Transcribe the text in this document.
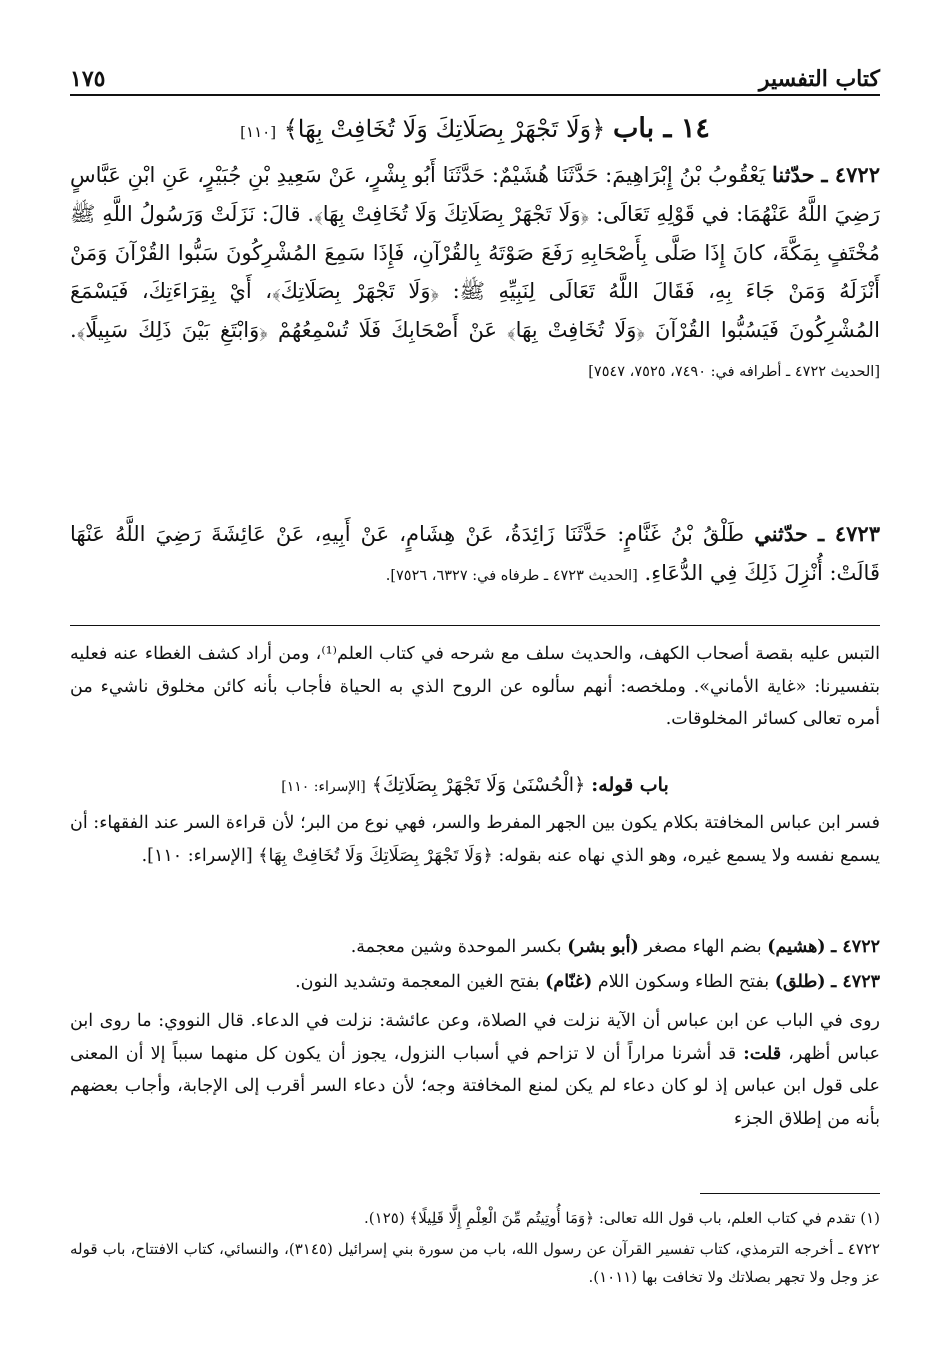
كتاب التفسير
١٧٥
١٤ ـ باب ﴿وَلَا تَجْهَرْ بِصَلَاتِكَ وَلَا تُخَافِتْ بِهَا﴾ [١١٠]
٤٧٢٢ ـ حدّثنا يَعْقُوبُ بْنُ إِبْرَاهِيمَ: حَدَّثَنَا هُشَيْمٌ: حَدَّثَنَا أَبُو بِشْرٍ، عَنْ سَعِيدِ بْنِ جُبَيْرٍ، عَنِ ابْنِ عَبَّاسٍ رَضِيَ اللَّهُ عَنْهُمَا: في قَوْلِهِ تَعَالَى: ﴿وَلَا تَجْهَرْ بِصَلَاتِكَ وَلَا تُخَافِتْ بِهَا﴾. قالَ: نَزَلَتْ وَرَسُولُ اللَّهِ ﷺ مُخْتَفٍ بِمَكَّةَ، كانَ إِذَا صَلَّى بِأَصْحَابِهِ رَفَعَ صَوْتَهُ بِالقُرْآنِ، فَإِذَا سَمِعَ المُشْرِكُونَ سَبُّوا القُرْآنَ وَمَنْ أَنْزَلَهُ وَمَنْ جَاءَ بِهِ، فَقَالَ اللَّهُ تَعَالَى لِنَبِيِّهِ ﷺ: ﴿وَلَا تَجْهَرْ بِصَلَاتِكَ﴾، أَيْ بِقِرَاءَتِكَ، فَيَسْمَعَ المُشْرِكُونَ فَيَسُبُّوا القُرْآنَ ﴿وَلَا تُخَافِتْ بِهَا﴾ عَنْ أَصْحَابِكَ فَلَا تُسْمِعُهُمْ ﴿وَابْتَغِ بَيْنَ ذَلِكَ سَبِيلًا﴾. [الحديث ٤٧٢٢ ـ أطرافه في: ٧٤٩٠، ٧٥٢٥، ٧٥٤٧]
٤٧٢٣ ـ حدّثني طَلْقُ بْنُ غَنَّامٍ: حَدَّثَنَا زَائِدَةُ، عَنْ هِشَامٍ، عَنْ أَبِيهِ، عَنْ عَائِشَةَ رَضِيَ اللَّهُ عَنْهَا قَالَتْ: أُنْزِلَ ذَلِكَ فِي الدُّعَاءِ. [الحديث ٤٧٢٣ ـ طرفاه في: ٦٣٢٧، ٧٥٢٦].
التبس عليه بقصة أصحاب الكهف، والحديث سلف مع شرحه في كتاب العلم⁽¹⁾، ومن أراد كشف الغطاء عنه فعليه بتفسيرنا: «غاية الأماني». وملخصه: أنهم سألوه عن الروح الذي به الحياة فأجاب بأنه كائن مخلوق ناشيء من أمره تعالى كسائر المخلوقات.
باب قوله: ﴿الْحُسْنَىٰ وَلَا تَجْهَرْ بِصَلَاتِكَ﴾ [الإسراء: ١١٠]
فسر ابن عباس المخافتة بكلام يكون بين الجهر المفرط والسر، فهي نوع من البر؛ لأن قراءة السر عند الفقهاء: أن يسمع نفسه ولا يسمع غيره، وهو الذي نهاه عنه بقوله: ﴿وَلَا تَجْهَرْ بِصَلَاتِكَ وَلَا تُخَافِتْ بِهَا﴾ [الإسراء: ١١٠].
٤٧٢٢ ـ (هشيم) بضم الهاء مصغر (أبو بشر) بكسر الموحدة وشين معجمة.
٤٧٢٣ ـ (طلق) بفتح الطاء وسكون اللام (غنّام) بفتح الغين المعجمة وتشديد النون.
روى في الباب عن ابن عباس أن الآية نزلت في الصلاة، وعن عائشة: نزلت في الدعاء. قال النووي: ما روى ابن عباس أظهر، قلت: قد أشرنا مراراً أن لا تزاحم في أسباب النزول، يجوز أن يكون كل منهما سبباً إلا أن المعنى على قول ابن عباس إذ لو كان دعاء لم يكن لمنع المخافتة وجه؛ لأن دعاء السر أقرب إلى الإجابة، وأجاب بعضهم بأنه من إطلاق الجزء

(١) تقدم في كتاب العلم، باب قول الله تعالى: ﴿وَمَا أُوتِيتُم مِّنَ الْعِلْمِ إِلَّا قَلِيلًا﴾ (١٢٥).

٤٧٢٢ ـ أخرجه الترمذي، كتاب تفسير القرآن عن رسول الله، باب من سورة بني إسرائيل (٣١٤٥)، والنسائي، كتاب الافتتاح، باب قوله عز وجل ولا تجهر بصلاتك ولا تخافت بها (١٠١١).
